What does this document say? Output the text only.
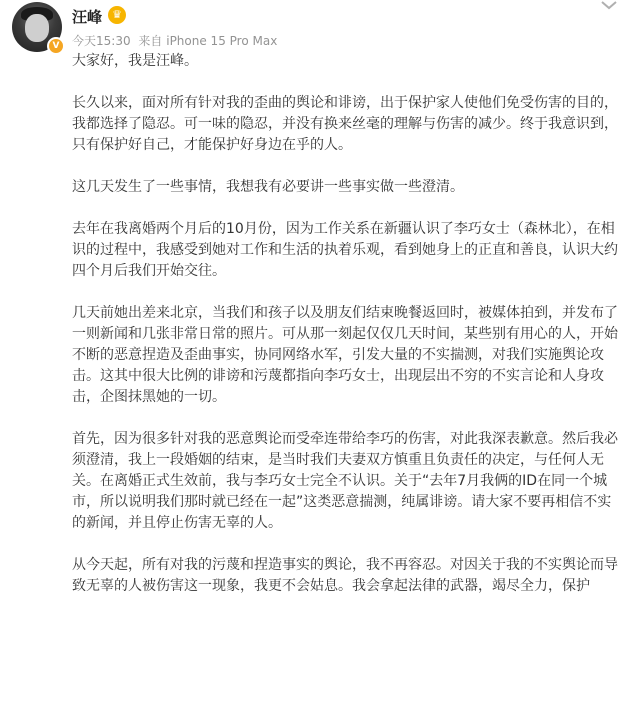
V
汪峰 ♛
今天15:30 来自 iPhone 15 Pro Max

大家好，我是汪峰。

长久以来，面对所有针对我的歪曲的舆论和诽谤，出于保护家人使他们免受伤害的目的，我都选择了隐忍。可一味的隐忍，并没有换来丝毫的理解与伤害的减少。终于我意识到，只有保护好自己，才能保护好身边在乎的人。

这几天发生了一些事情，我想我有必要讲一些事实做一些澄清。

去年在我离婚两个月后的10月份，因为工作关系在新疆认识了李巧女士（森林北），在相识的过程中，我感受到她对工作和生活的执着乐观，看到她身上的正直和善良，认识大约四个月后我们开始交往。

几天前她出差来北京，当我们和孩子以及朋友们结束晚餐返回时，被媒体拍到，并发布了一则新闻和几张非常日常的照片。可从那一刻起仅仅几天时间，某些别有用心的人，开始不断的恶意捏造及歪曲事实，协同网络水军，引发大量的不实揣测，对我们实施舆论攻击。这其中很大比例的诽谤和污蔑都指向李巧女士，出现层出不穷的不实言论和人身攻击，企图抹黑她的一切。

首先，因为很多针对我的恶意舆论而受牵连带给李巧的伤害，对此我深表歉意。然后我必须澄清，我上一段婚姻的结束，是当时我们夫妻双方慎重且负责任的决定，与任何人无关。在离婚正式生效前，我与李巧女士完全不认识。关于“去年7月我俩的ID在同一个城市，所以说明我们那时就已经在一起”这类恶意揣测，纯属诽谤。请大家不要再相信不实的新闻，并且停止伤害无辜的人。

从今天起，所有对我的污蔑和捏造事实的舆论，我不再容忍。对因关于我的不实舆论而导致无辜的人被伤害这一现象，我更不会姑息。我会拿起法律的武器，竭尽全力，保护
